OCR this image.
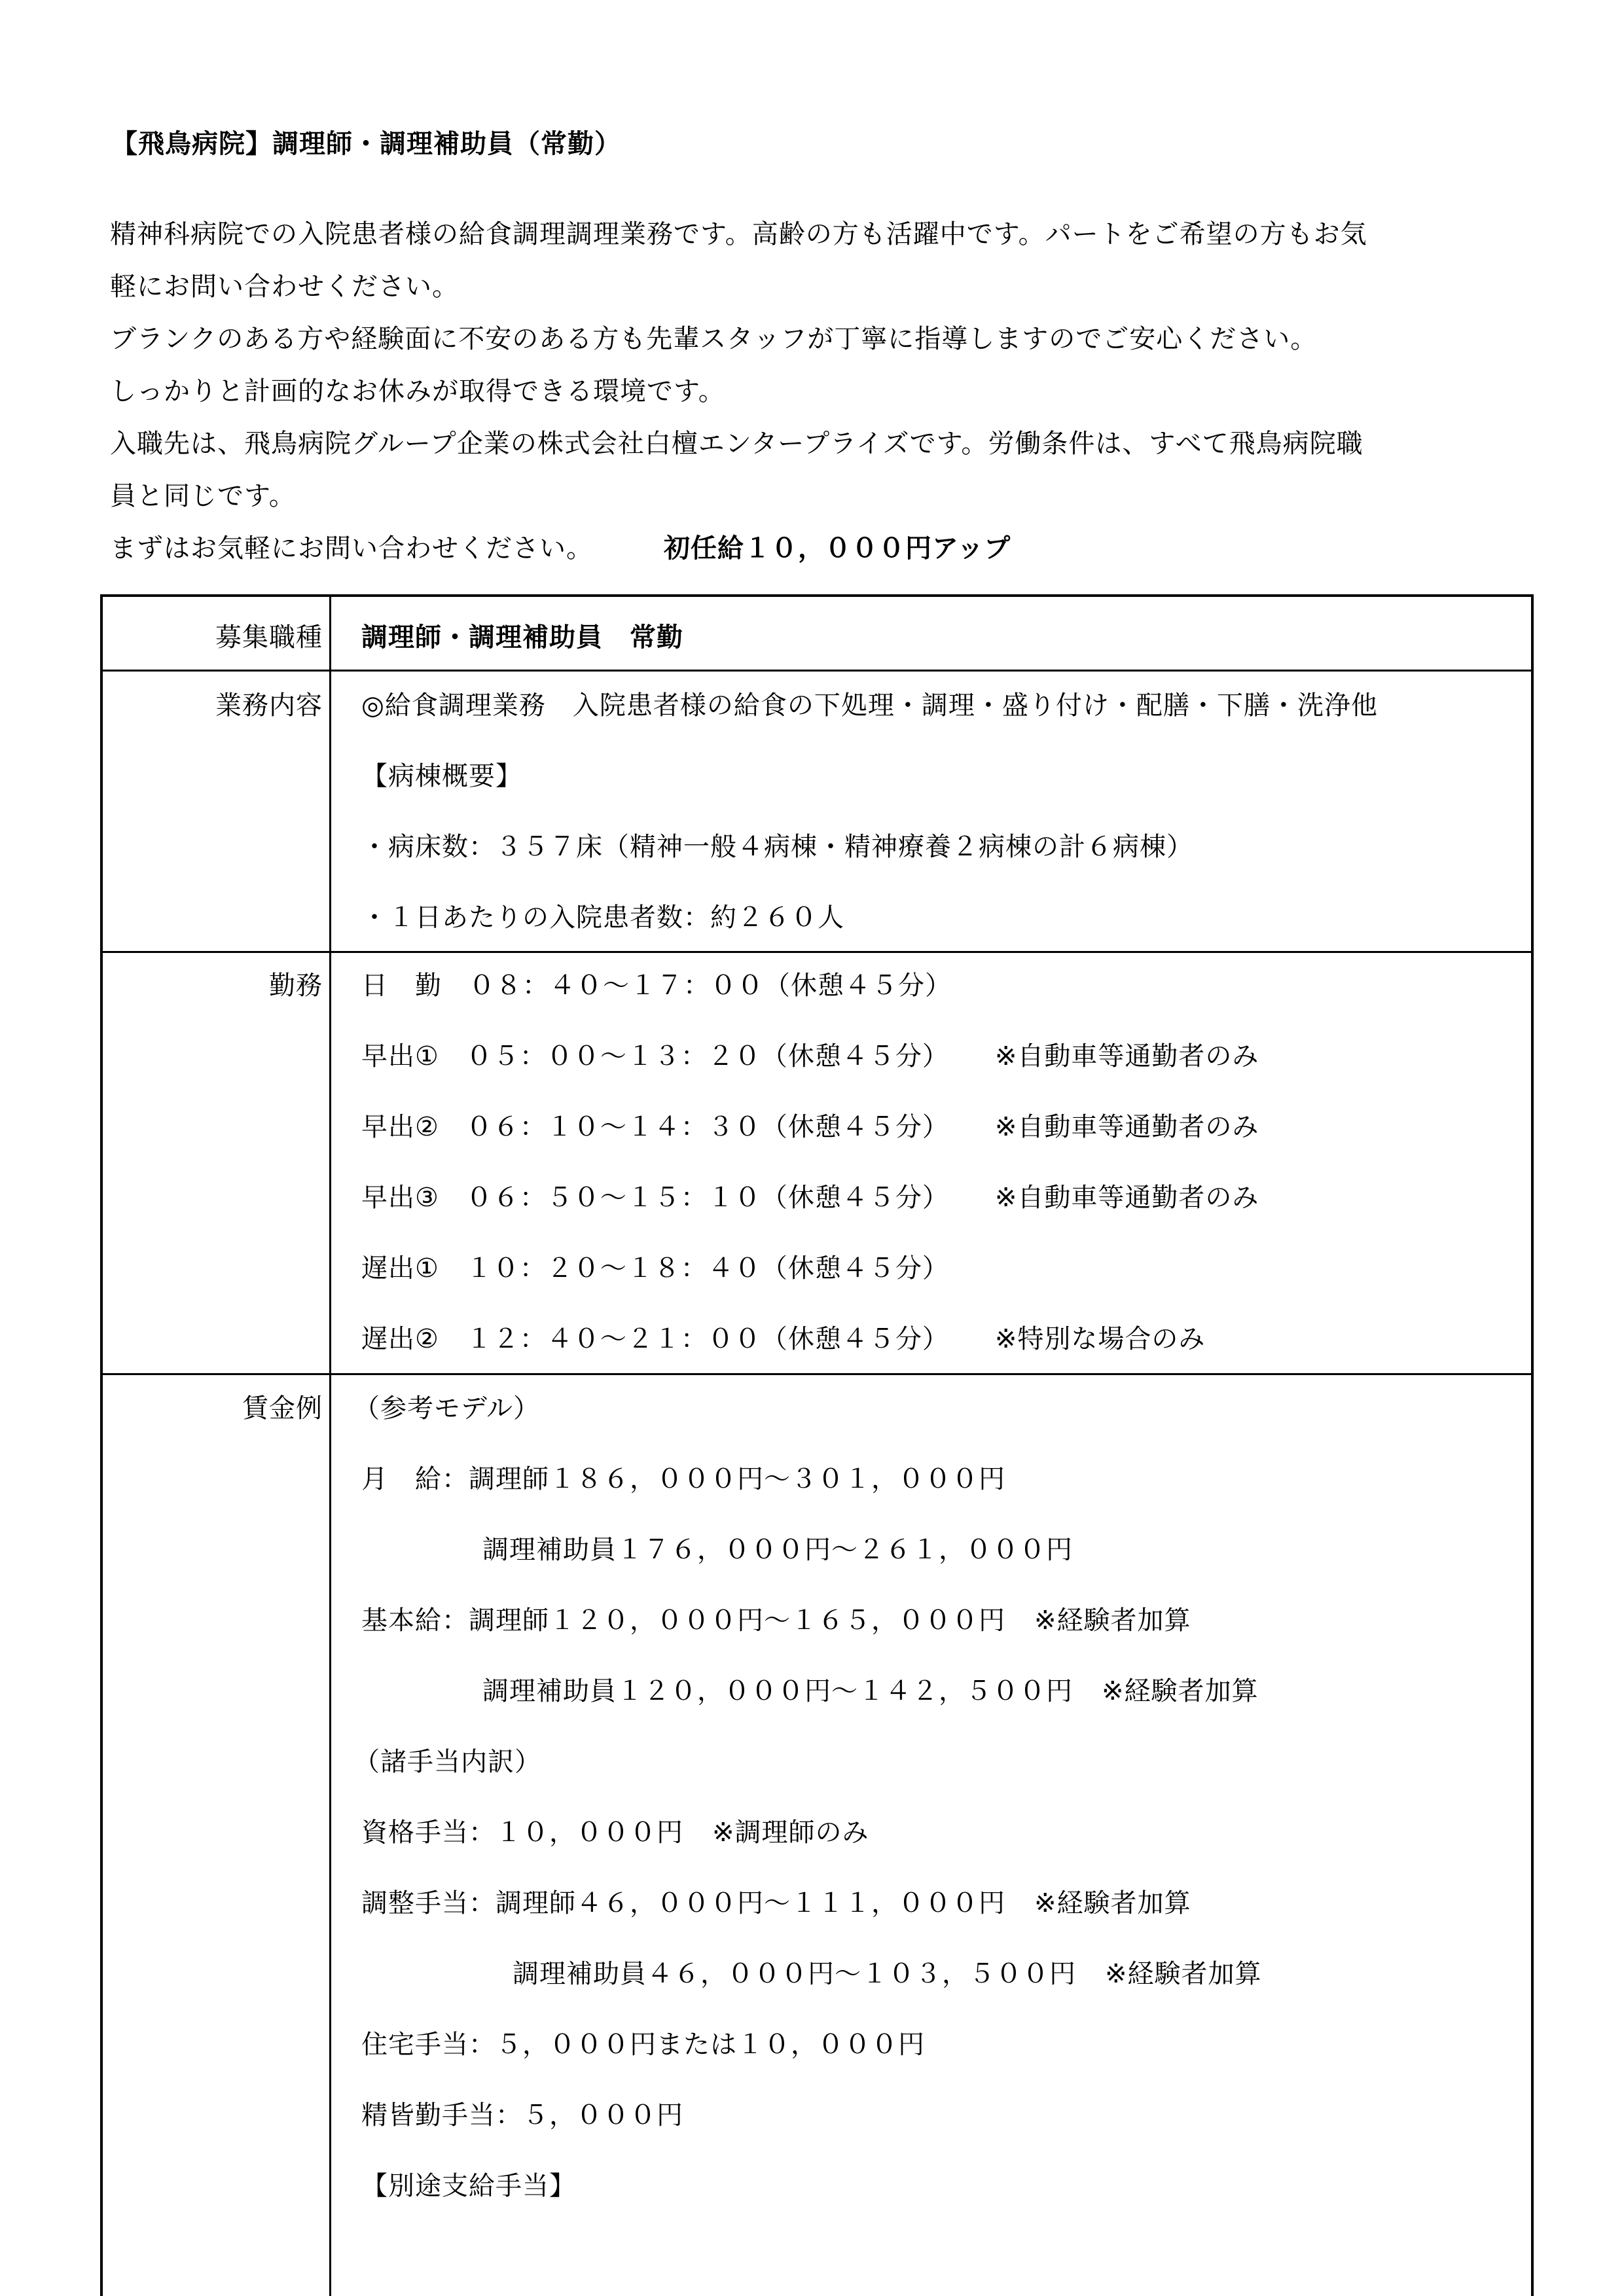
【飛鳥病院】調理師・調理補助員（常勤）
精神科病院での入院患者様の給食調理調理業務です。高齢の方も活躍中です。パートをご希望の方もお気
軽にお問い合わせください。
ブランクのある方や経験面に不安のある方も先輩スタッフが丁寧に指導しますのでご安心ください。
しっかりと計画的なお休みが取得できる環境です。
入職先は、飛鳥病院グループ企業の株式会社白檀エンタープライズです。労働条件は、すべて飛鳥病院職
員と同じです。
まずはお気軽にお問い合わせください。	初任給１０，０００円アップ
募集職種 調理師・調理補助員　常勤
業務内容 ◎給食調理業務　入院患者様の給食の下処理・調理・盛り付け・配膳・下膳・洗浄他
【病棟概要】
・病床数：３５７床（精神一般４病棟・精神療養２病棟の計６病棟）
・１日あたりの入院患者数：約２６０人
勤務 日　勤　 ０８：４０～１７：００（休憩４５分）
早出①　 ０５：００～１３：２０（休憩４５分） ※自動車等通勤者のみ
早出②　 ０６：１０～１４：３０（休憩４５分） ※自動車等通勤者のみ
早出③　 ０６：５０～１５：１０（休憩４５分） ※自動車等通勤者のみ
遅出①　 １０：２０～１８：４０（休憩４５分）
遅出②　 １２：４０～２１：００（休憩４５分） ※特別な場合のみ
賃金例 （参考モデル）
月　給：調理師１８６，０００円～３０１，０００円
調理補助員１７６，０００円～２６１，０００円
基本給：調理師１２０，０００円～１６５，０００円 ※経験者加算
調理補助員１２０，０００円～１４２，５００円 ※経験者加算
（諸手当内訳）
資格手当：１０，０００円 ※調理師のみ
調整手当：調理師４６，０００円～１１１，０００円 ※経験者加算
調理補助員４６，０００円～１０３，５００円 ※経験者加算
住宅手当：５，０００円または１０，０００円
精皆勤手当：５，０００円
【別途支給手当】
